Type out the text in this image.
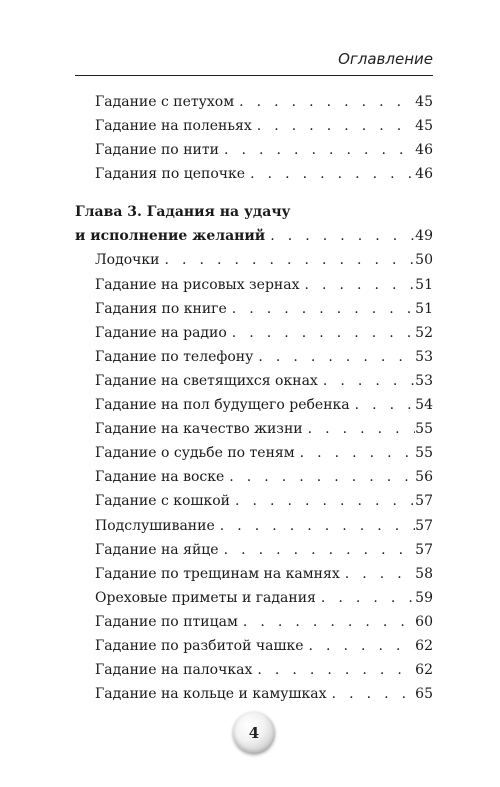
Оглавление
Гадание с петухом . . .	45
Гадание на поленьях . . .	45
Гадание по нити . . .	46
Гадания по цепочке . . .	46
Глава 3. Гадания на удачу
и исполнение желаний . . .	49
Лодочки . . .	50
Гадание на рисовых зернах . . .	51
Гадания по книге . . .	51
Гадание на радио . . .	52
Гадание по телефону . . .	53
Гадание на светящихся окнах . . .	53
Гадание на пол будущего ребенка . . .	54
Гадание на качество жизни . . .	55
Гадание о судьбе по теням . . .	55
Гадание на воске . . .	56
Гадание с кошкой . . .	57
Подслушивание . . .	57
Гадание на яйце . . .	57
Гадание по трещинам на камнях . . .	58
Ореховые приметы и гадания . . .	59
Гадание по птицам . . .	60
Гадание по разбитой чашке . . .	62
Гадание на палочках . . .	62
Гадание на кольце и камушках . . .	65
4
